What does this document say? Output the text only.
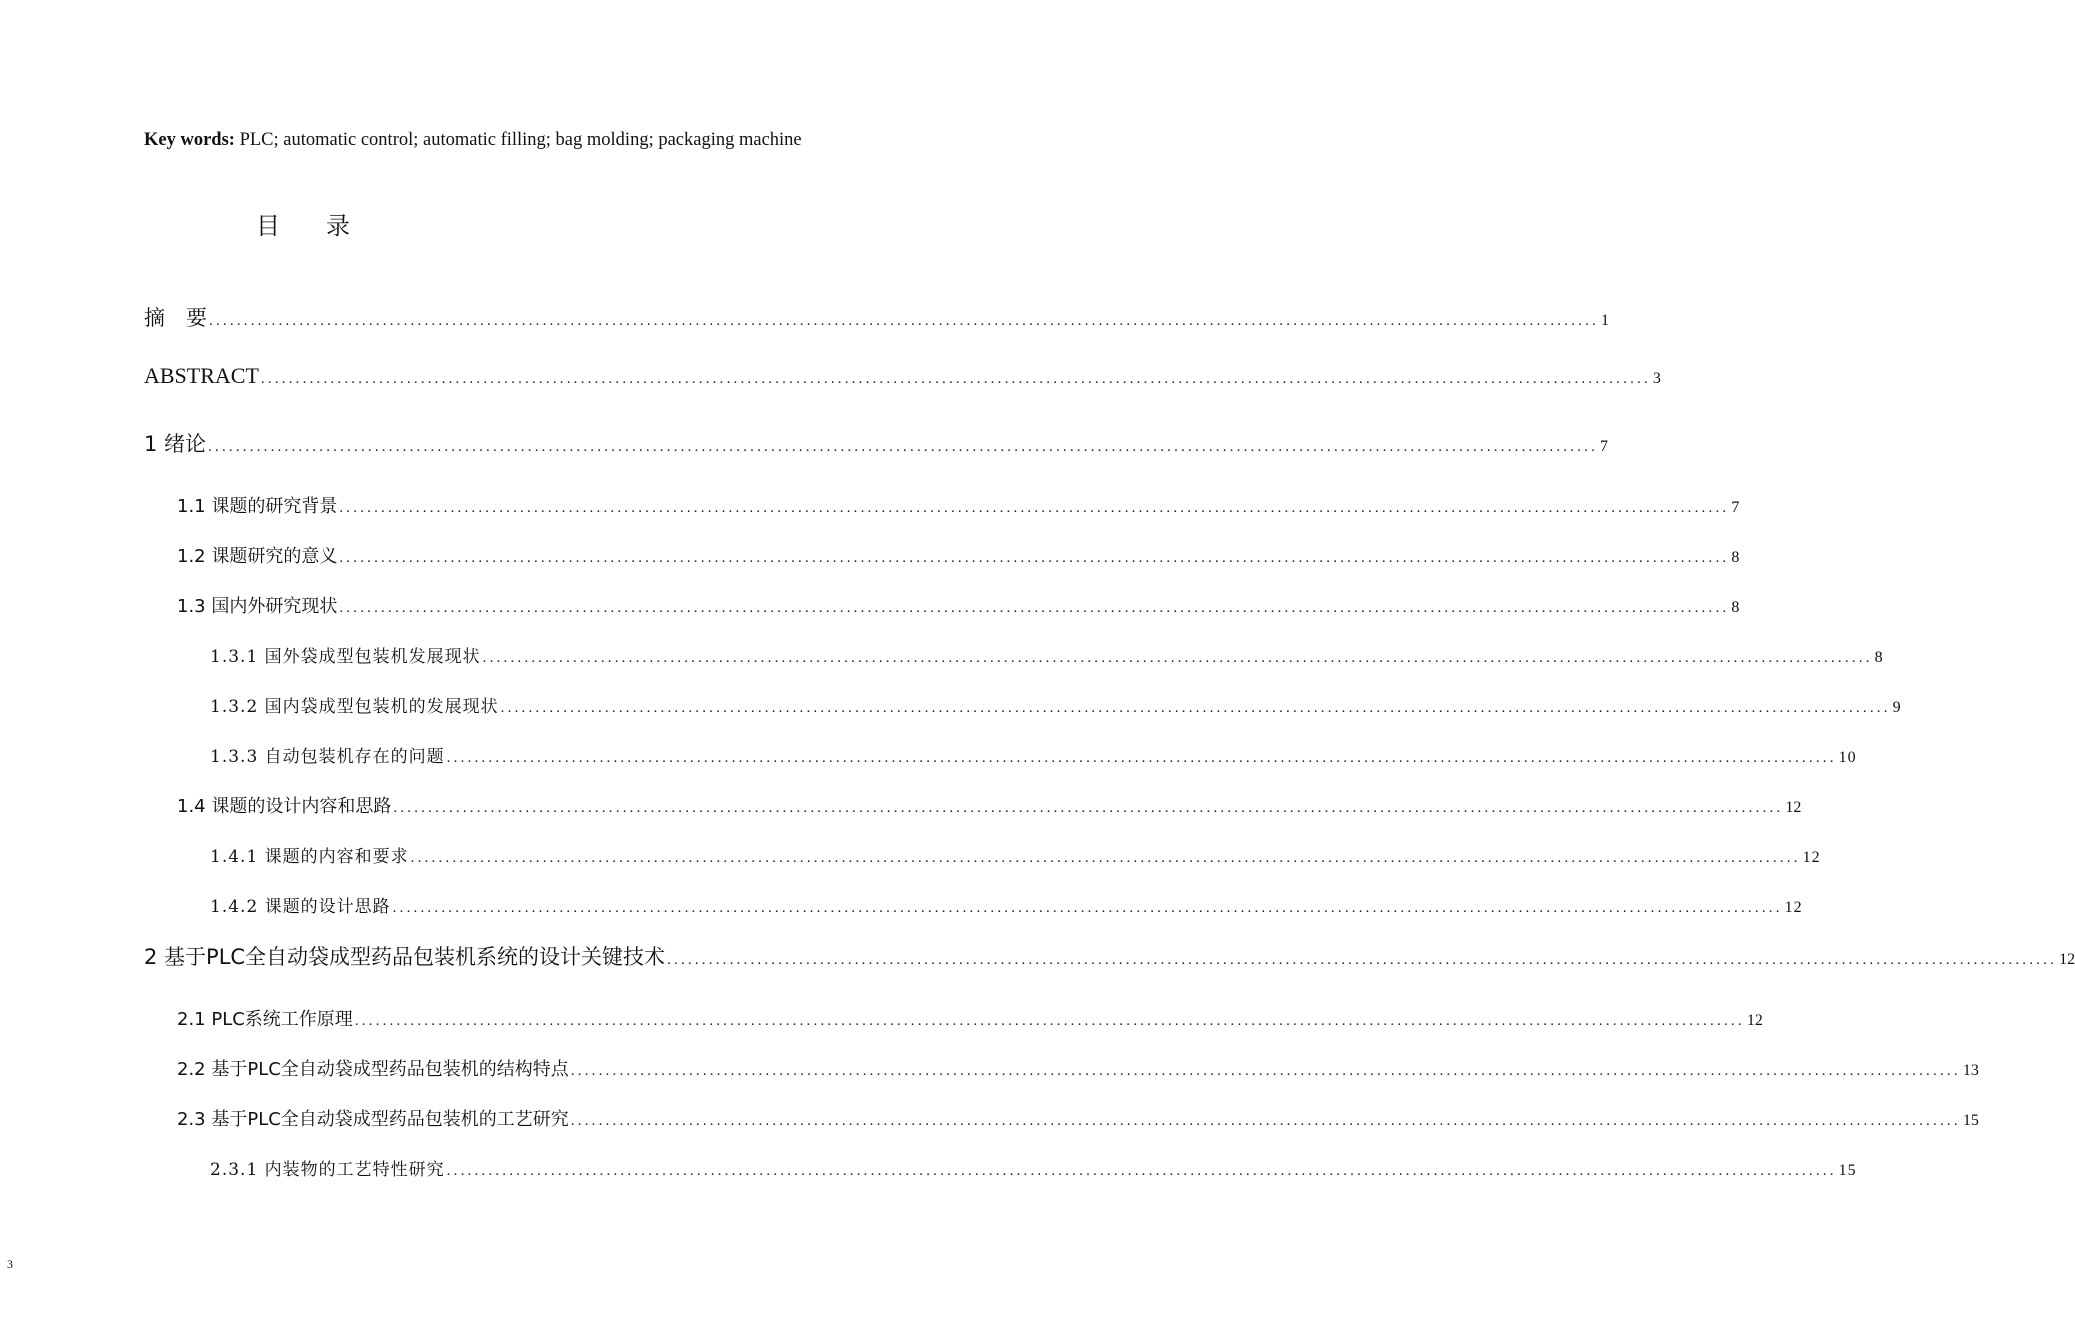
Key words: PLC; automatic control; automatic filling; bag molding; packaging machine
目录
摘　要 ........................................................................................................................................................................................................ 1
ABSTRACT ........................................................................................................................................................................................................ 3
1 绪论 ........................................................................................................................................................................................................ 7
1.1 课题的研究背景 ........................................................................................................................................................................................................ 7
1.2 课题研究的意义 ........................................................................................................................................................................................................ 8
1.3 国内外研究现状 ........................................................................................................................................................................................................ 8
1.3.1 国外袋成型包装机发展现状 ........................................................................................................................................................................................................ 8
1.3.2 国内袋成型包装机的发展现状 ........................................................................................................................................................................................................ 9
1.3.3 自动包装机存在的问题 ........................................................................................................................................................................................................ 10
1.4 课题的设计内容和思路 ........................................................................................................................................................................................................ 12
1.4.1 课题的内容和要求 ........................................................................................................................................................................................................ 12
1.4.2 课题的设计思路 ........................................................................................................................................................................................................ 12
2 基于PLC全自动袋成型药品包装机系统的设计关键技术 ........................................................................................................................................................................................................ 12
2.1 PLC系统工作原理 ........................................................................................................................................................................................................ 12
2.2 基于PLC全自动袋成型药品包装机的结构特点 ........................................................................................................................................................................................................ 13
2.3 基于PLC全自动袋成型药品包装机的工艺研究 ........................................................................................................................................................................................................ 15
2.3.1 内装物的工艺特性研究 ........................................................................................................................................................................................................ 15
3
